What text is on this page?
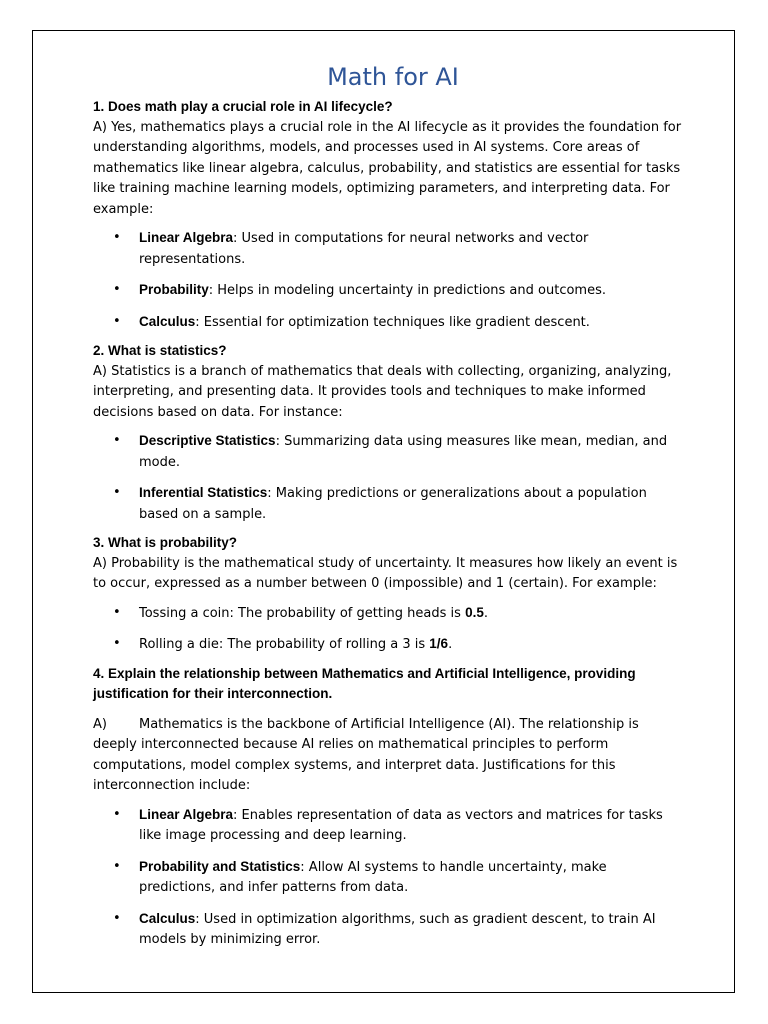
Math for AI

1. Does math play a crucial role in AI lifecycle?

A) Yes, mathematics plays a crucial role in the AI lifecycle as it provides the foundation for understanding algorithms, models, and processes used in AI systems. Core areas of mathematics like linear algebra, calculus, probability, and statistics are essential for tasks like training machine learning models, optimizing parameters, and interpreting data. For example:

• Linear Algebra: Used in computations for neural networks and vector representations.
• Probability: Helps in modeling uncertainty in predictions and outcomes.
• Calculus: Essential for optimization techniques like gradient descent.

2. What is statistics?

A) Statistics is a branch of mathematics that deals with collecting, organizing, analyzing, interpreting, and presenting data. It provides tools and techniques to make informed decisions based on data. For instance:

• Descriptive Statistics: Summarizing data using measures like mean, median, and mode.
• Inferential Statistics: Making predictions or generalizations about a population based on a sample.

3. What is probability?

A) Probability is the mathematical study of uncertainty. It measures how likely an event is to occur, expressed as a number between 0 (impossible) and 1 (certain). For example:

• Tossing a coin: The probability of getting heads is 0.5.
• Rolling a die: The probability of rolling a 3 is 1/6.

4. Explain the relationship between Mathematics and Artificial Intelligence, providing justification for their interconnection.

A) Mathematics is the backbone of Artificial Intelligence (AI). The relationship is deeply interconnected because AI relies on mathematical principles to perform computations, model complex systems, and interpret data. Justifications for this interconnection include:

• Linear Algebra: Enables representation of data as vectors and matrices for tasks like image processing and deep learning.
• Probability and Statistics: Allow AI systems to handle uncertainty, make predictions, and infer patterns from data.
• Calculus: Used in optimization algorithms, such as gradient descent, to train AI models by minimizing error.
